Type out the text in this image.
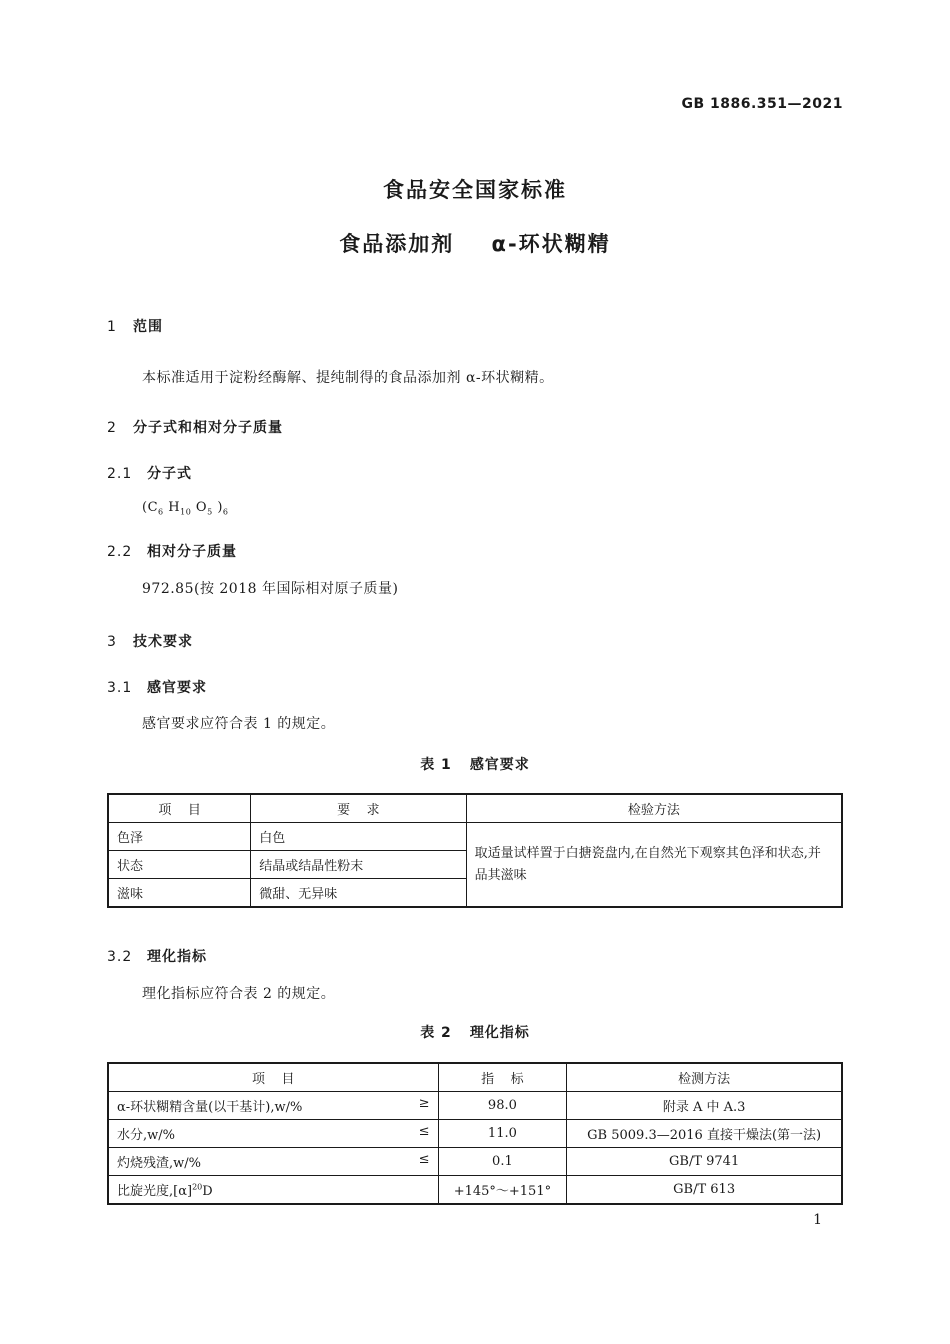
GB 1886.351—2021
食品安全国家标准
食品添加剂    α-环状糊精
1 范围
本标准适用于淀粉经酶解、提纯制得的食品添加剂 α-环状糊精。
2 分子式和相对分子质量
2.1 分子式
($C_6$ $H_{10}$ $O_5$ )$_6$
2.2 相对分子质量
972.85(按 2018 年国际相对原子质量)
3 技术要求
3.1 感官要求
感官要求应符合表 1 的规定。
表 1 感官要求
项    目	要    求	检验方法
色泽	白色	取适量试样置于白搪瓷盘内,在自然光下观察其色泽和状态,并品其滋味
状态	结晶或结晶性粉末	
滋味	微甜、无异味	
3.2 理化指标
理化指标应符合表 2 的规定。
表 2 理化指标
项    目	指    标	检测方法
α-环状糊精含量(以干基计),w/% ≥	98.0	附录 A 中 A.3
水分,w/% ≤	11.0	GB 5009.3—2016 直接干燥法(第一法)
灼烧残渣,w/% ≤	0.1	GB/T 9741
比旋光度$,[\alpha]^{20}D$	+145°～+151°	GB/T 613
1
